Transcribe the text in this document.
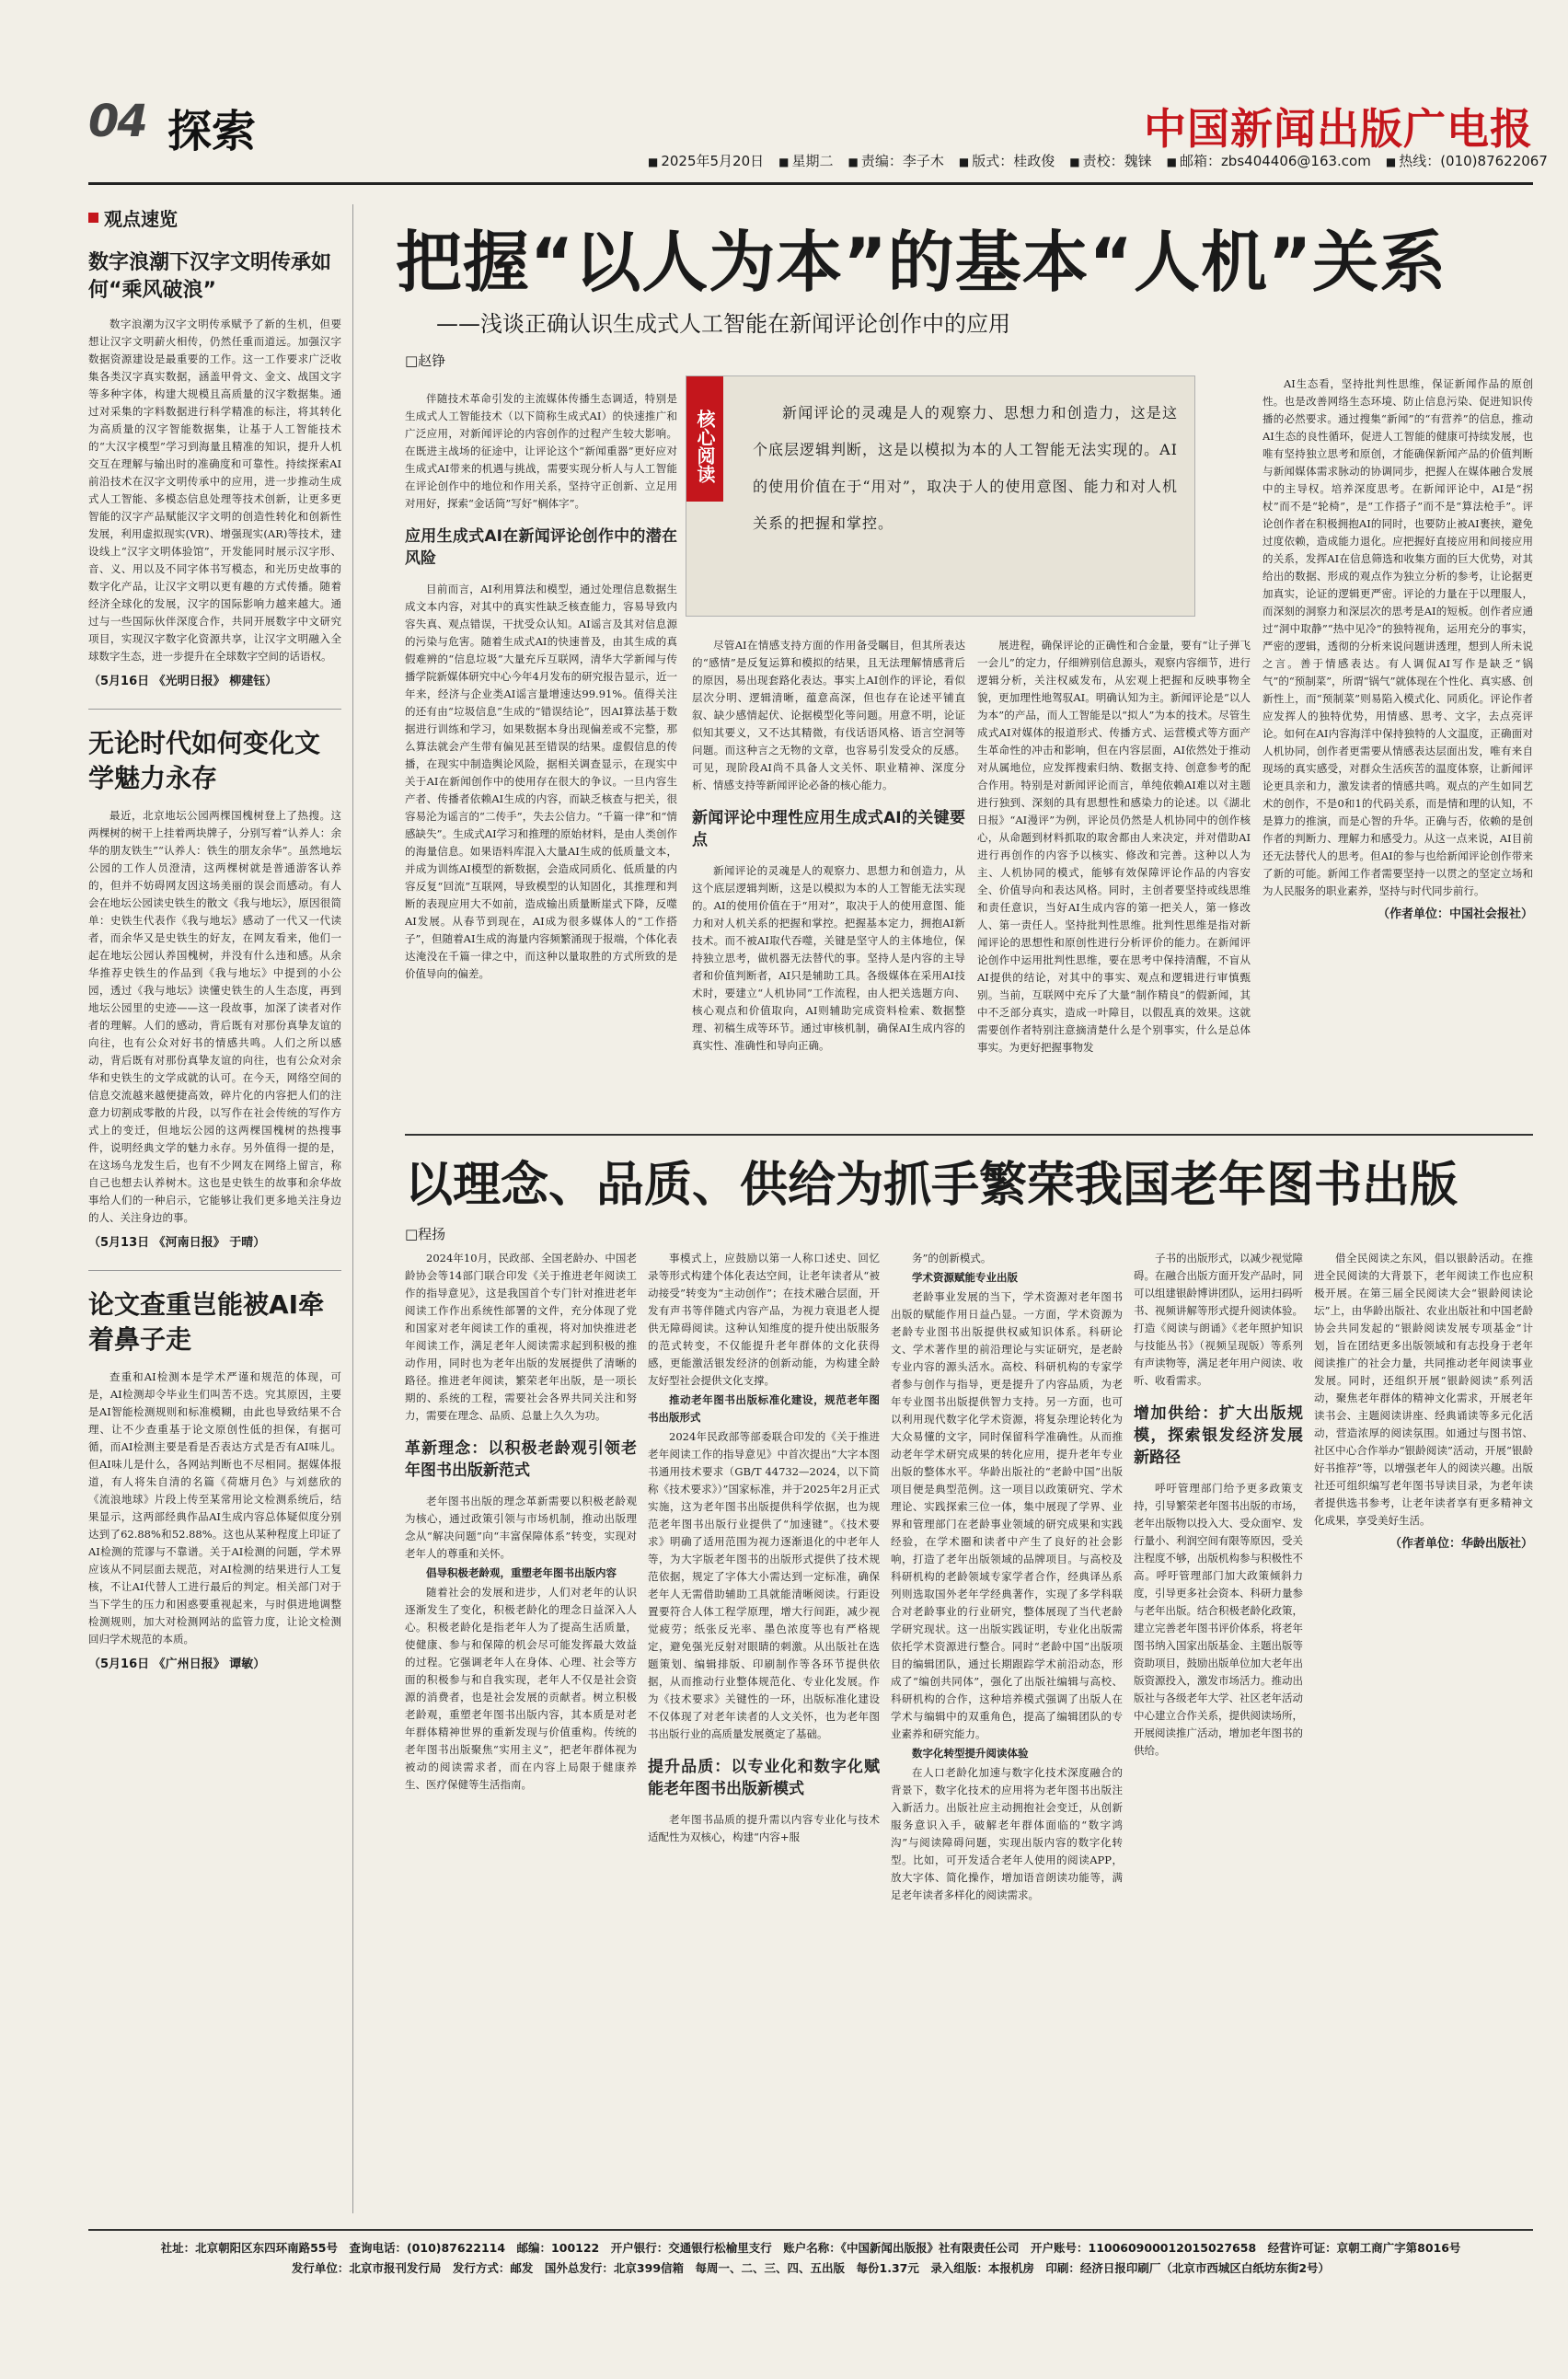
04 探索	中国新闻出版广电报
■ 2025年5月20日	■ 星期二	■ 责编：李子木	■ 版式：桂政俊	■ 责校：魏铼	■ 邮箱：zbs404406@163.com	■ 热线：(010)87622067
观点速览
数字浪潮下汉字文明传承如何“乘风破浪”
数字浪潮为汉字文明传承赋予了新的生机，但要想让汉字文明薪火相传，仍然任重而道远。加强汉字数据资源建设是最重要的工作。这一工作要求广泛收集各类汉字真实数据，涵盖甲骨文、金文、战国文字等多种字体，构建大规模且高质量的汉字数据集。通过对采集的字料数据进行科学精准的标注，将其转化为高质量的汉字智能数据集，让基于人工智能技术的“大汉字模型”学习到海量且精准的知识，提升人机交互在理解与输出时的准确度和可靠性。持续探索AI前沿技术在汉字文明传承中的应用，进一步推动生成式人工智能、多模态信息处理等技术创新，让更多更智能的汉字产品赋能汉字文明的创造性转化和创新性发展，利用虚拟现实(VR)、增强现实(AR)等技术，建设线上“汉字文明体验馆”，开发能同时展示汉字形、音、义、用以及不同字体书写模态，和光历史故事的数字化产品，让汉字文明以更有趣的方式传播。随着经济全球化的发展，汉字的国际影响力越来越大。通过与一些国际伙伴深度合作，共同开展数字中文研究项目，实现汉字数字化资源共享，让汉字文明融入全球数字生态，进一步提升在全球数字空间的话语权。
（5月16日 《光明日报》 柳建钰）
无论时代如何变化文学魅力永存
最近，北京地坛公园两棵国槐树登上了热搜。这两棵树的树干上挂着两块牌子，分别写着“认养人：余华的朋友铁生”“认养人：铁生的朋友余华”。虽然地坛公园的工作人员澄清，这两棵树就是普通游客认养的，但并不妨碍网友因这场美丽的误会而感动。有人会在地坛公园读史铁生的散文《我与地坛》，原因很简单：史铁生代表作《我与地坛》感动了一代又一代读者，而余华又是史铁生的好友，在网友看来，他们一起在地坛公园认养国槐树，并没有什么违和感。从余华推荐史铁生的作品到《我与地坛》中提到的小公园，透过《我与地坛》读懂史铁生的人生态度，再到地坛公园里的史迹——这一段故事，加深了读者对作者的理解。人们的感动，背后既有对那份真挚友谊的向往，也有公众对好书的情感共鸣。人们之所以感动，背后既有对那份真挚友谊的向往，也有公众对余华和史铁生的文学成就的认可。在今天，网络空间的信息交流越来越便捷高效，碎片化的内容把人们的注意力切割成零散的片段，以写作在社会传统的写作方式上的变迁，但地坛公园的这两棵国槐树的热搜事件，说明经典文学的魅力永存。另外值得一提的是，在这场乌龙发生后，也有不少网友在网络上留言，称自己也想去认养树木。这也是史铁生的故事和余华故事给人们的一种启示，它能够让我们更多地关注身边的人、关注身边的事。
（5月13日 《河南日报》 于晴）
论文查重岂能被AI牵着鼻子走
查重和AI检测本是学术严谨和规范的体现，可是，AI检测却令毕业生们叫苦不迭。究其原因，主要是AI智能检测规则和标准模糊，由此也导致结果不合理、让不少查重基于论文原创性低的担保，有据可循，而AI检测主要是看是否表达方式是否有AI味儿。但AI味儿是什么，各网站判断也不尽相同。据媒体报道，有人将朱自清的名篇《荷塘月色》与刘慈欣的《流浪地球》片段上传至某常用论文检测系统后，结果显示，这两部经典作品AI生成内容总体疑似度分别达到了62.88%和52.88%。这也从某种程度上印证了AI检测的荒谬与不靠谱。关于AI检测的问题，学术界应该从不同层面去规范，对AI检测的结果进行人工复核，不让AI代替人工进行最后的判定。相关部门对于当下学生的压力和困惑要重视起来，与时俱进地调整检测规则，加大对检测网站的监管力度，让论文检测回归学术规范的本质。
（5月16日 《广州日报》 谭敏）
把握“以人为本”的基本“人机”关系
——浅谈正确认识生成式人工智能在新闻评论创作中的应用
□赵铮
核心阅读	新闻评论的灵魂是人的观察力、思想力和创造力，这是这个底层逻辑判断，这是以模拟为本的人工智能无法实现的。AI的使用价值在于“用对”，取决于人的使用意图、能力和对人机关系的把握和掌控。

伴随技术革命引发的主流媒体传播生态调适，特别是生成式人工智能技术（以下简称生成式AI）的快速推广和广泛应用，对新闻评论的内容创作的过程产生较大影响。在既进主战场的征途中，让评论这个“新闻重器”更好应对生成式AI带来的机遇与挑战，需要实现分析人与人工智能在评论创作中的地位和作用关系，坚持守正创新、立足用对用好，探索“金话筒”写好“榈体字”。

应用生成式AI在新闻评论创作中的潜在风险

目前而言，AI利用算法和模型，通过处理信息数据生成文本内容，对其中的真实性缺乏核查能力，容易导致内容失真、观点错误，干扰受众认知。AI谣言及其对信息源的污染与危害。随着生成式AI的快速普及，由其生成的真假难辨的“信息垃圾”大量充斥互联网，清华大学新闻与传播学院新媒体研究中心今年4月发布的研究报告显示，近一年来，经济与企业类AI谣言量增速达99.91%。值得关注的还有由“垃圾信息”生成的“错误结论”，因AI算法基于数据进行训练和学习，如果数据本身出现偏差或不完整，那么算法就会产生带有偏见甚至错误的结果。虚假信息的传播，在现实中制造舆论风险，据相关调查显示，在现实中关于AI在新闻创作中的使用存在很大的争议。一旦内容生产者、传播者依赖AI生成的内容，而缺乏核查与把关，很容易沦为谣言的“二传手”，失去公信力。“千篇一律”和“情感缺失”。生成式AI学习和推理的原始材料，是由人类创作的海量信息。如果语料库混入大量AI生成的低质量文本，并成为训练AI模型的新数据，会造成同质化、低质量的内容反复“回流”互联网，导致模型的认知固化，其推理和判断的表现应用大不如前，造成输出质量断崖式下降，反噬AI发展。从春节到现在，AI成为很多媒体人的“工作搭子”，但随着AI生成的海量内容频繁涌现于报端，个体化表达淹没在千篇一律之中，而这种以量取胜的方式所致的是价值导向的偏差。

尽管AI在情感支持方面的作用备受瞩目，但其所表达的“感情”是反复运算和模拟的结果，且无法理解情感背后的原因，易出现套路化表达。事实上AI创作的评论，看似层次分明、逻辑清晰，蕴意高深，但也存在论述平铺直叙、缺少感情起伏、论据模型化等问题。用意不明，论证似知其要义，又不达其精微，有伐话语风格、语言空洞等问题。而这种言之无物的文章，也容易引发受众的反感。可见，现阶段AI尚不具备人文关怀、职业精神、深度分析、情感支持等新闻评论必备的核心能力。

新闻评论中理性应用生成式AI的关键要点

新闻评论的灵魂是人的观察力、思想力和创造力，从这个底层逻辑判断，这是以模拟为本的人工智能无法实现的。AI的使用价值在于“用对”，取决于人的使用意图、能力和对人机关系的把握和掌控。把握基本定力，拥抱AI新技术。而不被AI取代吞噬，关键是坚守人的主体地位，保持独立思考，做机器无法替代的事。坚持人是内容的主导者和价值判断者，AI只是辅助工具。各级媒体在采用AI技术时，要建立“人机协同”工作流程，由人把关选题方向、核心观点和价值取向，AI则辅助完成资料检索、数据整理、初稿生成等环节。通过审核机制，确保AI生成内容的真实性、准确性和导向正确。

展进程，确保评论的正确性和合金量，要有“让子弹飞一会儿”的定力，仔细辨别信息源头，观察内容细节，进行逻辑分析，关注权威发布，从宏观上把握和反映事物全貌，更加理性地驾驭AI。明确认知为主。新闻评论是“以人为本”的产品，而人工智能是以“拟人”为本的技术。尽管生成式AI对媒体的报道形式、传播方式、运营模式等方面产生革命性的冲击和影响，但在内容层面，AI依然处于推动对从属地位，应发挥搜索归纳、数据支持、创意参考的配合作用。特别是对新闻评论而言，单纯依赖AI难以对主题进行独到、深刻的具有思想性和感染力的论述。以《湖北日报》“AI漫评”为例，评论员仍然是人机协同中的创作核心，从命题到材料抓取的取舍都由人来决定，并对借助AI进行再创作的内容予以核实、修改和完善。这种以人为主、人机协同的模式，能够有效保障评论作品的内容安全、价值导向和表达风格。同时，主创者要坚持或线思维和责任意识，当好AI生成内容的第一把关人，第一修改人、第一责任人。坚持批判性思维。批判性思维是指对新闻评论的思想性和原创性进行分析评价的能力。在新闻评论创作中运用批判性思维，要在思考中保持清醒，不盲从AI提供的结论，对其中的事实、观点和逻辑进行审慎甄别。当前，互联网中充斥了大量“制作精良”的假新闻，其中不乏部分真实，造成一叶障目，以假乱真的效果。这就需要创作者特别注意摘清楚什么是个别事实，什么是总体事实。为更好把握事物发

AI生态看，坚持批判性思维，保证新闻作品的原创性。也是改善网络生态环境、防止信息污染、促进知识传播的必然要求。通过搜集“新闻”的“有营养”的信息，推动AI生态的良性循环，促进人工智能的健康可持续发展，也唯有坚持独立思考和原创，才能确保新闻产品的价值判断与新闻媒体需求脉动的协调同步，把握人在媒体融合发展中的主导权。培养深度思考。在新闻评论中，AI是“拐杖”而不是“轮椅”，是“工作搭子”而不是“算法枪手”。评论创作者在积极拥抱AI的同时，也要防止被AI裹挟，避免过度依赖，造成能力退化。应把握好直接应用和间接应用的关系，发挥AI在信息筛选和收集方面的巨大优势，对其给出的数据、形成的观点作为独立分析的参考，让论据更加真实，论证的逻辑更严密。评论的力量在于以理服人，而深刻的洞察力和深层次的思考是AI的短板。创作者应通过“洞中取静”“热中见冷”的独特视角，运用充分的事实，严密的逻辑，透彻的分析来说问题讲透理，想到人所未说之言。善于情感表达。有人调侃AI写作是缺乏“锅气”的“预制菜”，所谓“锅气”就体现在个性化、真实感、创新性上，而“预制菜”则易陷入模式化、同质化。评论作者应发挥人的独特优势，用情感、思考、文字，去点亮评论。如何在AI内容海洋中保持独特的人文温度，正确面对人机协同，创作者更需要从情感表达层面出发，唯有来自现场的真实感受，对群众生活疾苦的温度体察，让新闻评论更具亲和力，激发读者的情感共鸣。观点的产生如同艺术的创作，不是0和1的代码关系，而是情和理的认知，不是算力的推演，而是心智的升华。正确与否，依赖的是创作者的判断力、理解力和感受力。从这一点来说，AI目前还无法替代人的思考。但AI的参与也给新闻评论创作带来了新的可能。新闻工作者需要坚持一以贯之的坚定立场和为人民服务的职业素养，坚持与时代同步前行。

（作者单位：中国社会报社）
以理念、品质、供给为抓手繁荣我国老年图书出版
□程扬

2024年10月，民政部、全国老龄办、中国老龄协会等14部门联合印发《关于推进老年阅读工作的指导意见》，这是我国首个专门针对推进老年阅读工作作出系统性部署的文件，充分体现了党和国家对老年阅读工作的重视，将对加快推进老年阅读工作，满足老年人阅读需求起到积极的推动作用，同时也为老年出版的发展提供了清晰的路径。推进老年阅读，繁荣老年出版，是一项长期的、系统的工程，需要社会各界共同关注和努力，需要在理念、品质、总量上久久为功。

革新理念：以积极老龄观引领老年图书出版新范式

老年图书出版的理念革新需要以积极老龄观为核心，通过政策引领与市场机制，推动出版理念从“解决问题”向“丰富保障体系”转变，实现对老年人的尊重和关怀。

倡导积极老龄观，重塑老年图书出版内容

随着社会的发展和进步，人们对老年的认识逐渐发生了变化，积极老龄化的理念日益深入人心。积极老龄化是指老年人为了提高生活质量，使健康、参与和保障的机会尽可能发挥最大效益的过程。它强调老年人在身体、心理、社会等方面的积极参与和自我实现，老年人不仅是社会资源的消费者，也是社会发展的贡献者。树立积极老龄观，重塑老年图书出版内容，其本质是对老年群体精神世界的重新发现与价值重构。传统的老年图书出版聚焦“实用主义”，把老年群体视为被动的阅读需求者，而在内容上局限于健康养生、医疗保健等生活指南。

事模式上，应鼓励以第一人称口述史、回忆录等形式构建个体化表达空间，让老年读者从“被动接受”转变为“主动创作”；在技术融合层面，开发有声书等伴随式内容产品，为视力衰退老人提供无障碍阅读。这种认知维度的提升使出版服务的范式转变，不仅能提升老年群体的文化获得感，更能激活银发经济的创新动能，为构建全龄友好型社会提供文化支撑。

推动老年图书出版标准化建设，规范老年图书出版形式

2024年民政部等部委联合印发的《关于推进老年阅读工作的指导意见》中首次提出“大字本图书通用技术要求（GB/T 44732—2024，以下简称《技术要求》）”国家标准，并于2025年2月正式实施，这为老年图书出版提供科学依据，也为规范老年图书出版行业提供了“加速键”。《技术要求》明确了适用范围为视力逐渐退化的中老年人等，为大字版老年图书的出版形式提供了技术规范依据，规定了字体大小需达到一定标准，确保老年人无需借助辅助工具就能清晰阅读。行距设置要符合人体工程学原理，增大行间距，减少视觉疲劳；纸张反光率、墨色浓度等也有严格规定，避免强光反射对眼睛的刺激。从出版社在选题策划、编辑排版、印刷制作等各环节提供依据，从而推动行业整体规范化、专业化发展。作为《技术要求》关键性的一环，出版标准化建设不仅体现了对老年读者的人文关怀，也为老年图书出版行业的高质量发展奠定了基础。

提升品质：以专业化和数字化赋能老年图书出版新模式

老年图书品质的提升需以内容专业化与技术适配性为双核心，构建“内容+服

务”的创新模式。

学术资源赋能专业出版

老龄事业发展的当下，学术资源对老年图书出版的赋能作用日益凸显。一方面，学术资源为老龄专业图书出版提供权威知识体系。科研论文、学术著作里的前沿理论与实证研究，是老龄专业内容的源头活水。高校、科研机构的专家学者参与创作与指导，更是提升了内容品质，为老年专业图书出版提供智力支持。另一方面，也可以利用现代数字化学术资源，将复杂理论转化为大众易懂的文字，同时保留科学准确性。从而推动老年学术研究成果的转化应用，提升老年专业出版的整体水平。华龄出版社的“老龄中国”出版项目便是典型范例。这一项目以政策研究、学术理论、实践探索三位一体，集中展现了学界、业界和管理部门在老龄事业领域的研究成果和实践经验，在学术圈和读者中产生了良好的社会影响，打造了老年出版领域的品牌项目。与高校及科研机构的老龄领域专家学者合作，经典译丛系列则选取国外老年学经典著作，实现了多学科联合对老龄事业的行业研究，整体展现了当代老龄学研究现状。这一出版实践证明，专业化出版需依托学术资源进行整合。同时“老龄中国”出版项目的编辑团队，通过长期跟踪学术前沿动态，形成了“编创共同体”，强化了出版社编辑与高校、科研机构的合作，这种培养模式强调了出版人在学术与编辑中的双重角色，提高了编辑团队的专业素养和研究能力。

数字化转型提升阅读体验

在人口老龄化加速与数字化技术深度融合的背景下，数字化技术的应用将为老年图书出版注入新活力。出版社应主动拥抱社会变迁，从创新服务意识入手，破解老年群体面临的“数字鸿沟”与阅读障碍问题，实现出版内容的数字化转型。比如，可开发适合老年人使用的阅读APP，放大字体、简化操作，增加语音朗读功能等，满足老年读者多样化的阅读需求。

子书的出版形式，以减少视觉障碍。在融合出版方面开发产品时，同可以组建银龄博讲团队，运用扫码听书、视频讲解等形式提升阅读体验。打造《阅读与朗诵》《老年照护知识与技能丛书》（视频呈现版）等系列有声读物等，满足老年用户阅读、收听、收看需求。

增加供给：扩大出版规模，探索银发经济发展新路径

呼吁管理部门给予更多政策支持，引导繁荣老年图书出版的市场，老年出版物以投入大、受众面窄、发行量小、利润空间有限等原因，受关注程度不够，出版机构参与积极性不高。呼吁管理部门加大政策倾斜力度，引导更多社会资本、科研力量参与老年出版。结合积极老龄化政策，建立完善老年图书评价体系，将老年图书纳入国家出版基金、主题出版等资助项目，鼓励出版单位加大老年出版资源投入，激发市场活力。推动出版社与各级老年大学、社区老年活动中心建立合作关系，提供阅读场所，开展阅读推广活动，增加老年图书的供给。

借全民阅读之东风，倡以银龄活动。在推进全民阅读的大背景下，老年阅读工作也应积极开展。在第三届全民阅读大会“银龄阅读论坛”上，由华龄出版社、农业出版社和中国老龄协会共同发起的“银龄阅读发展专项基金”计划，旨在团结更多出版领域和有志投身于老年阅读推广的社会力量，共同推动老年阅读事业发展。同时，还组织开展“银龄阅读”系列活动，聚焦老年群体的精神文化需求，开展老年读书会、主题阅读讲座、经典诵读等多元化活动，营造浓厚的阅读氛围。如通过与图书馆、社区中心合作举办“银龄阅读”活动，开展“银龄好书推荐”等，以增强老年人的阅读兴趣。出版社还可组织编写老年图书导读目录，为老年读者提供选书参考，让老年读者享有更多精神文化成果，享受美好生活。

（作者单位：华龄出版社）
社址：北京朝阳区东四环南路55号　查询电话：(010)87622114　邮编：100122　开户银行：交通银行松榆里支行　账户名称：《中国新闻出版报》社有限责任公司　开户账号：110060900012015027658　经营许可证：京朝工商广字第8016号
发行单位：北京市报刊发行局　发行方式：邮发　国外总发行：北京399信箱　每周一、二、三、四、五出版　每份1.37元　录入组版：本报机房　印刷：经济日报印刷厂（北京市西城区白纸坊东街2号）
